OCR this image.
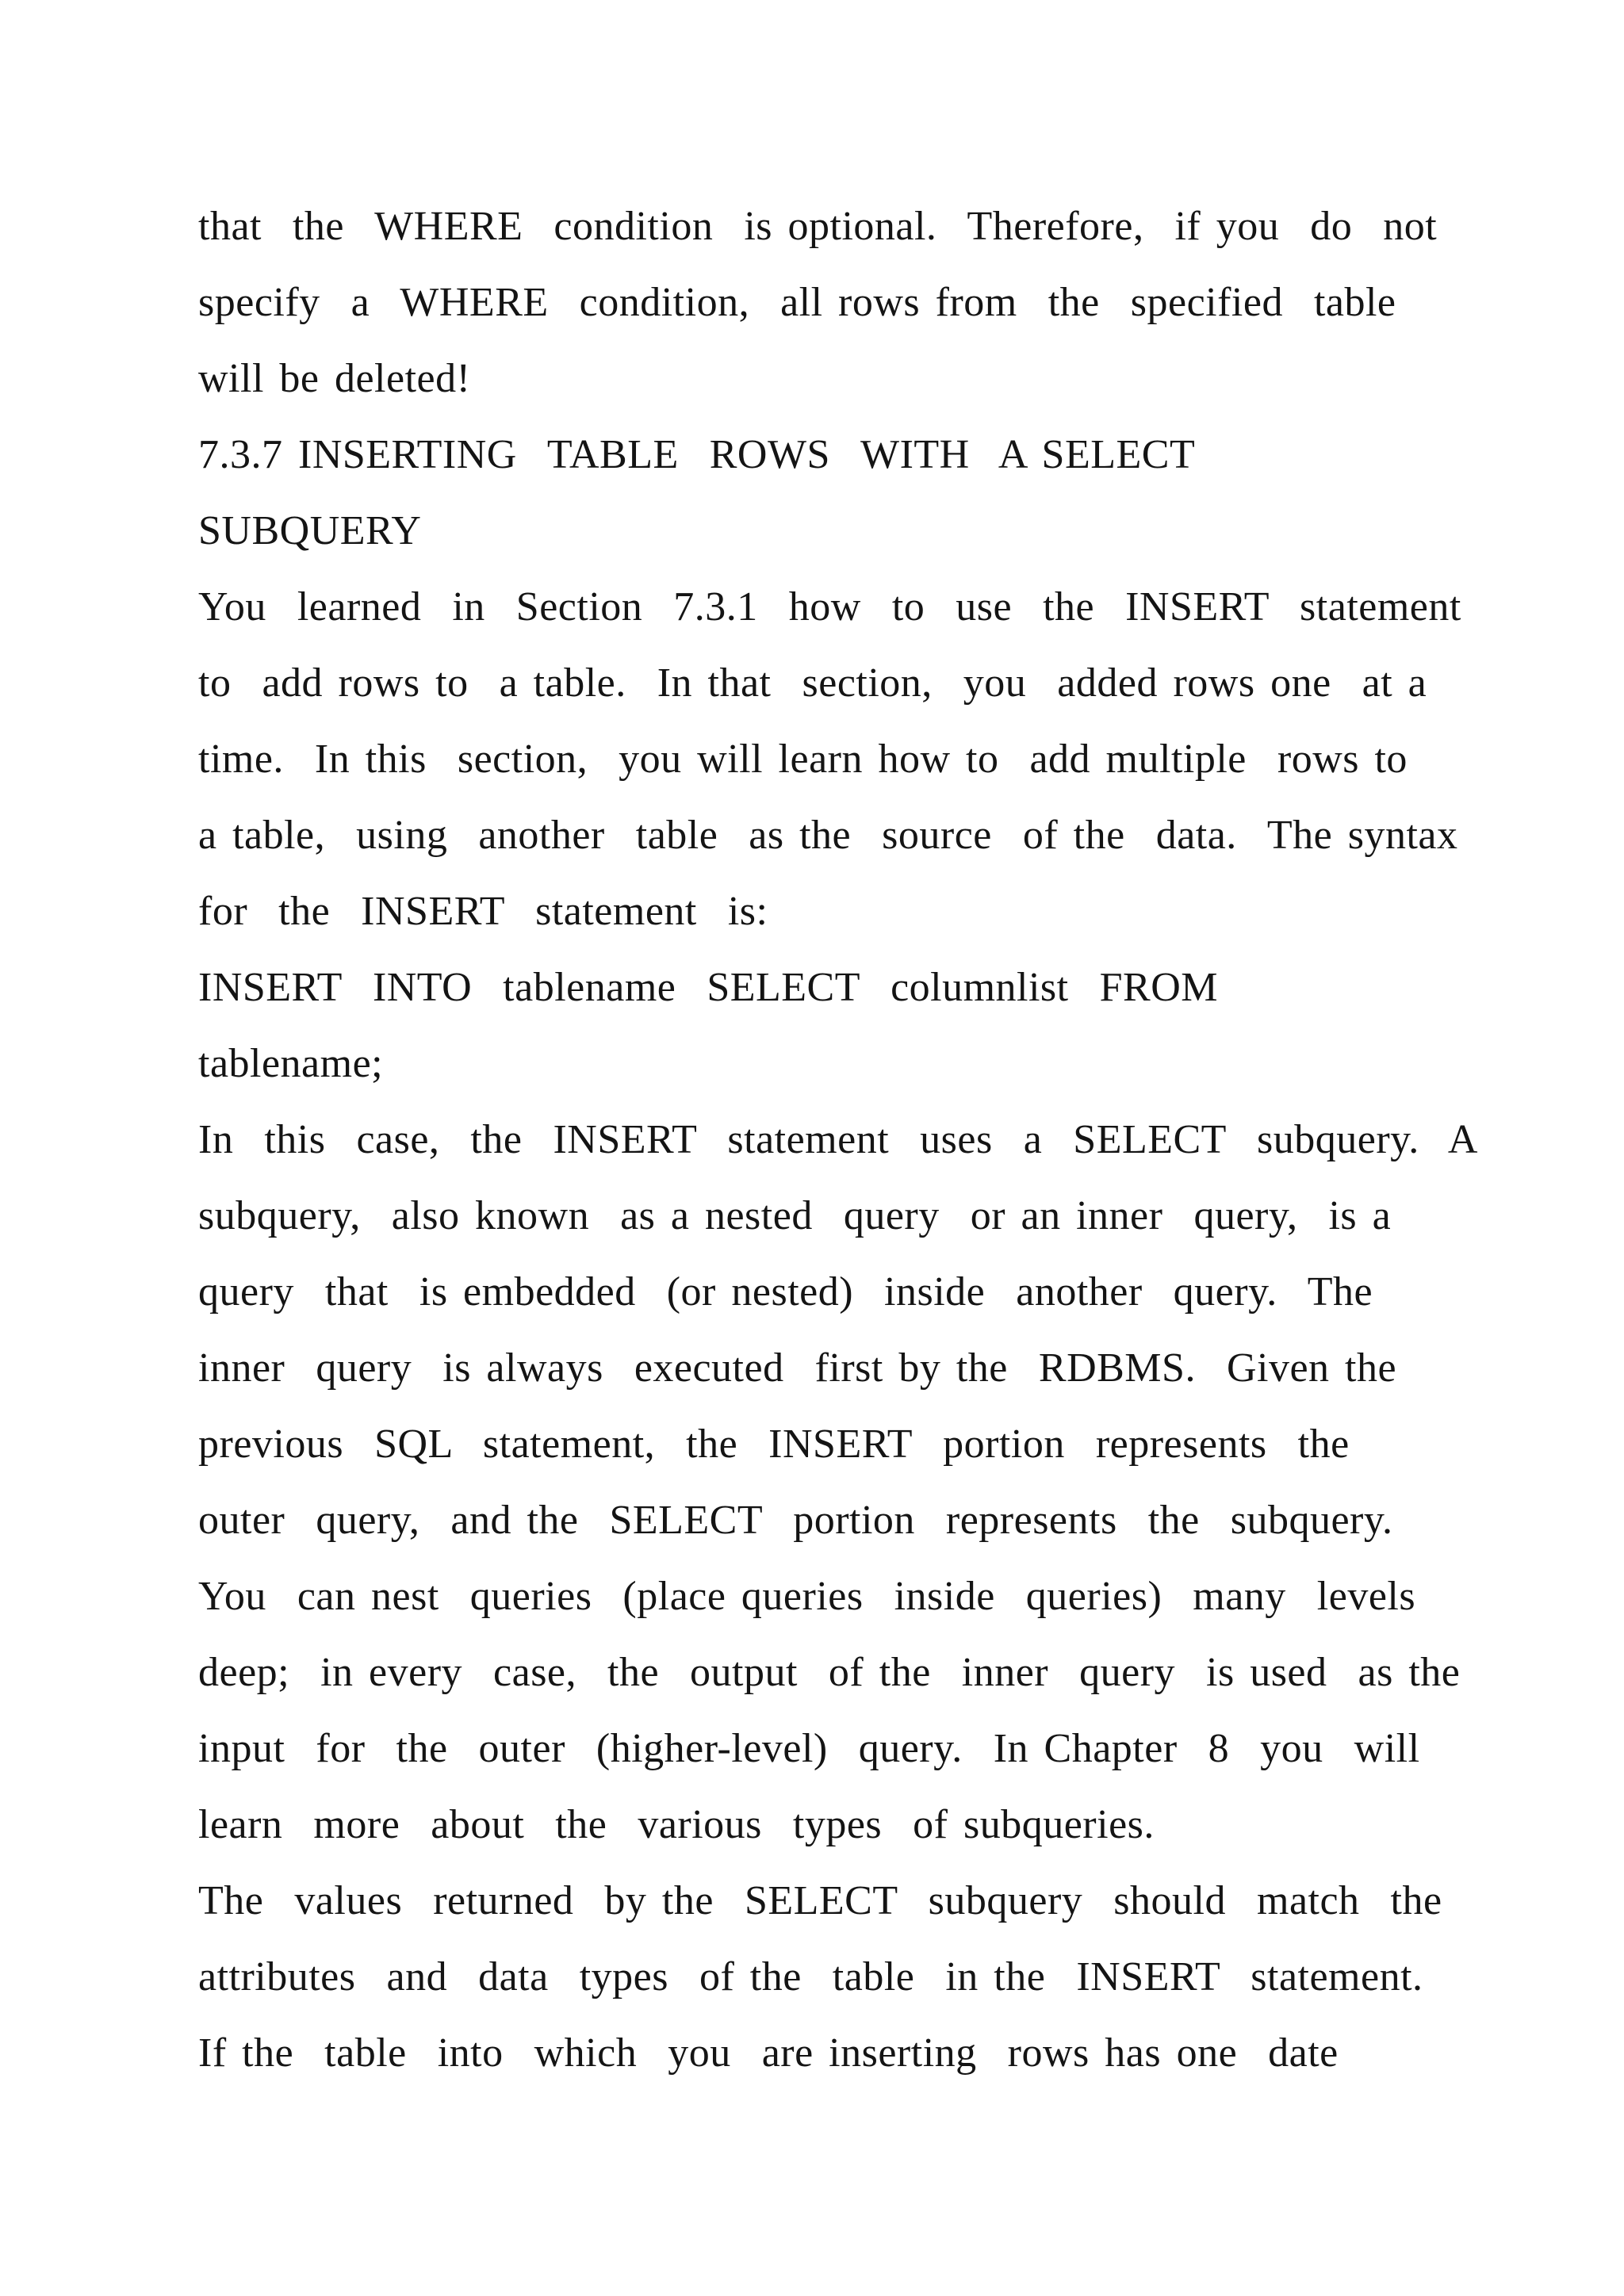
that  the  WHERE  condition  is optional.  Therefore,  if you  do  not
specify  a  WHERE  condition,  all rows from  the  specified  table
will be deleted!
7.3.7 INSERTING  TABLE  ROWS  WITH  A SELECT
SUBQUERY
You  learned  in  Section  7.3.1  how  to  use  the  INSERT  statement
to  add rows to  a table.  In that  section,  you  added rows one  at a
time.  In this  section,  you will learn how to  add multiple  rows to
a table,  using  another  table  as the  source  of the  data.  The syntax
for  the  INSERT  statement  is:
INSERT  INTO  tablename  SELECT  columnlist  FROM
tablename;
In  this  case,  the  INSERT  statement  uses  a  SELECT  subquery.  A
subquery,  also known  as a nested  query  or an inner  query,  is a
query  that  is embedded  (or nested)  inside  another  query.  The
inner  query  is always  executed  first by the  RDBMS.  Given the
previous  SQL  statement,  the  INSERT  portion  represents  the
outer  query,  and the  SELECT  portion  represents  the  subquery.
You  can nest  queries  (place queries  inside  queries)  many  levels
deep;  in every  case,  the  output  of the  inner  query  is used  as the
input  for  the  outer  (higher-level)  query.  In Chapter  8  you  will
learn  more  about  the  various  types  of subqueries.
The  values  returned  by the  SELECT  subquery  should  match  the
attributes  and  data  types  of the  table  in the  INSERT  statement.
If the  table  into  which  you  are inserting  rows has one  date
